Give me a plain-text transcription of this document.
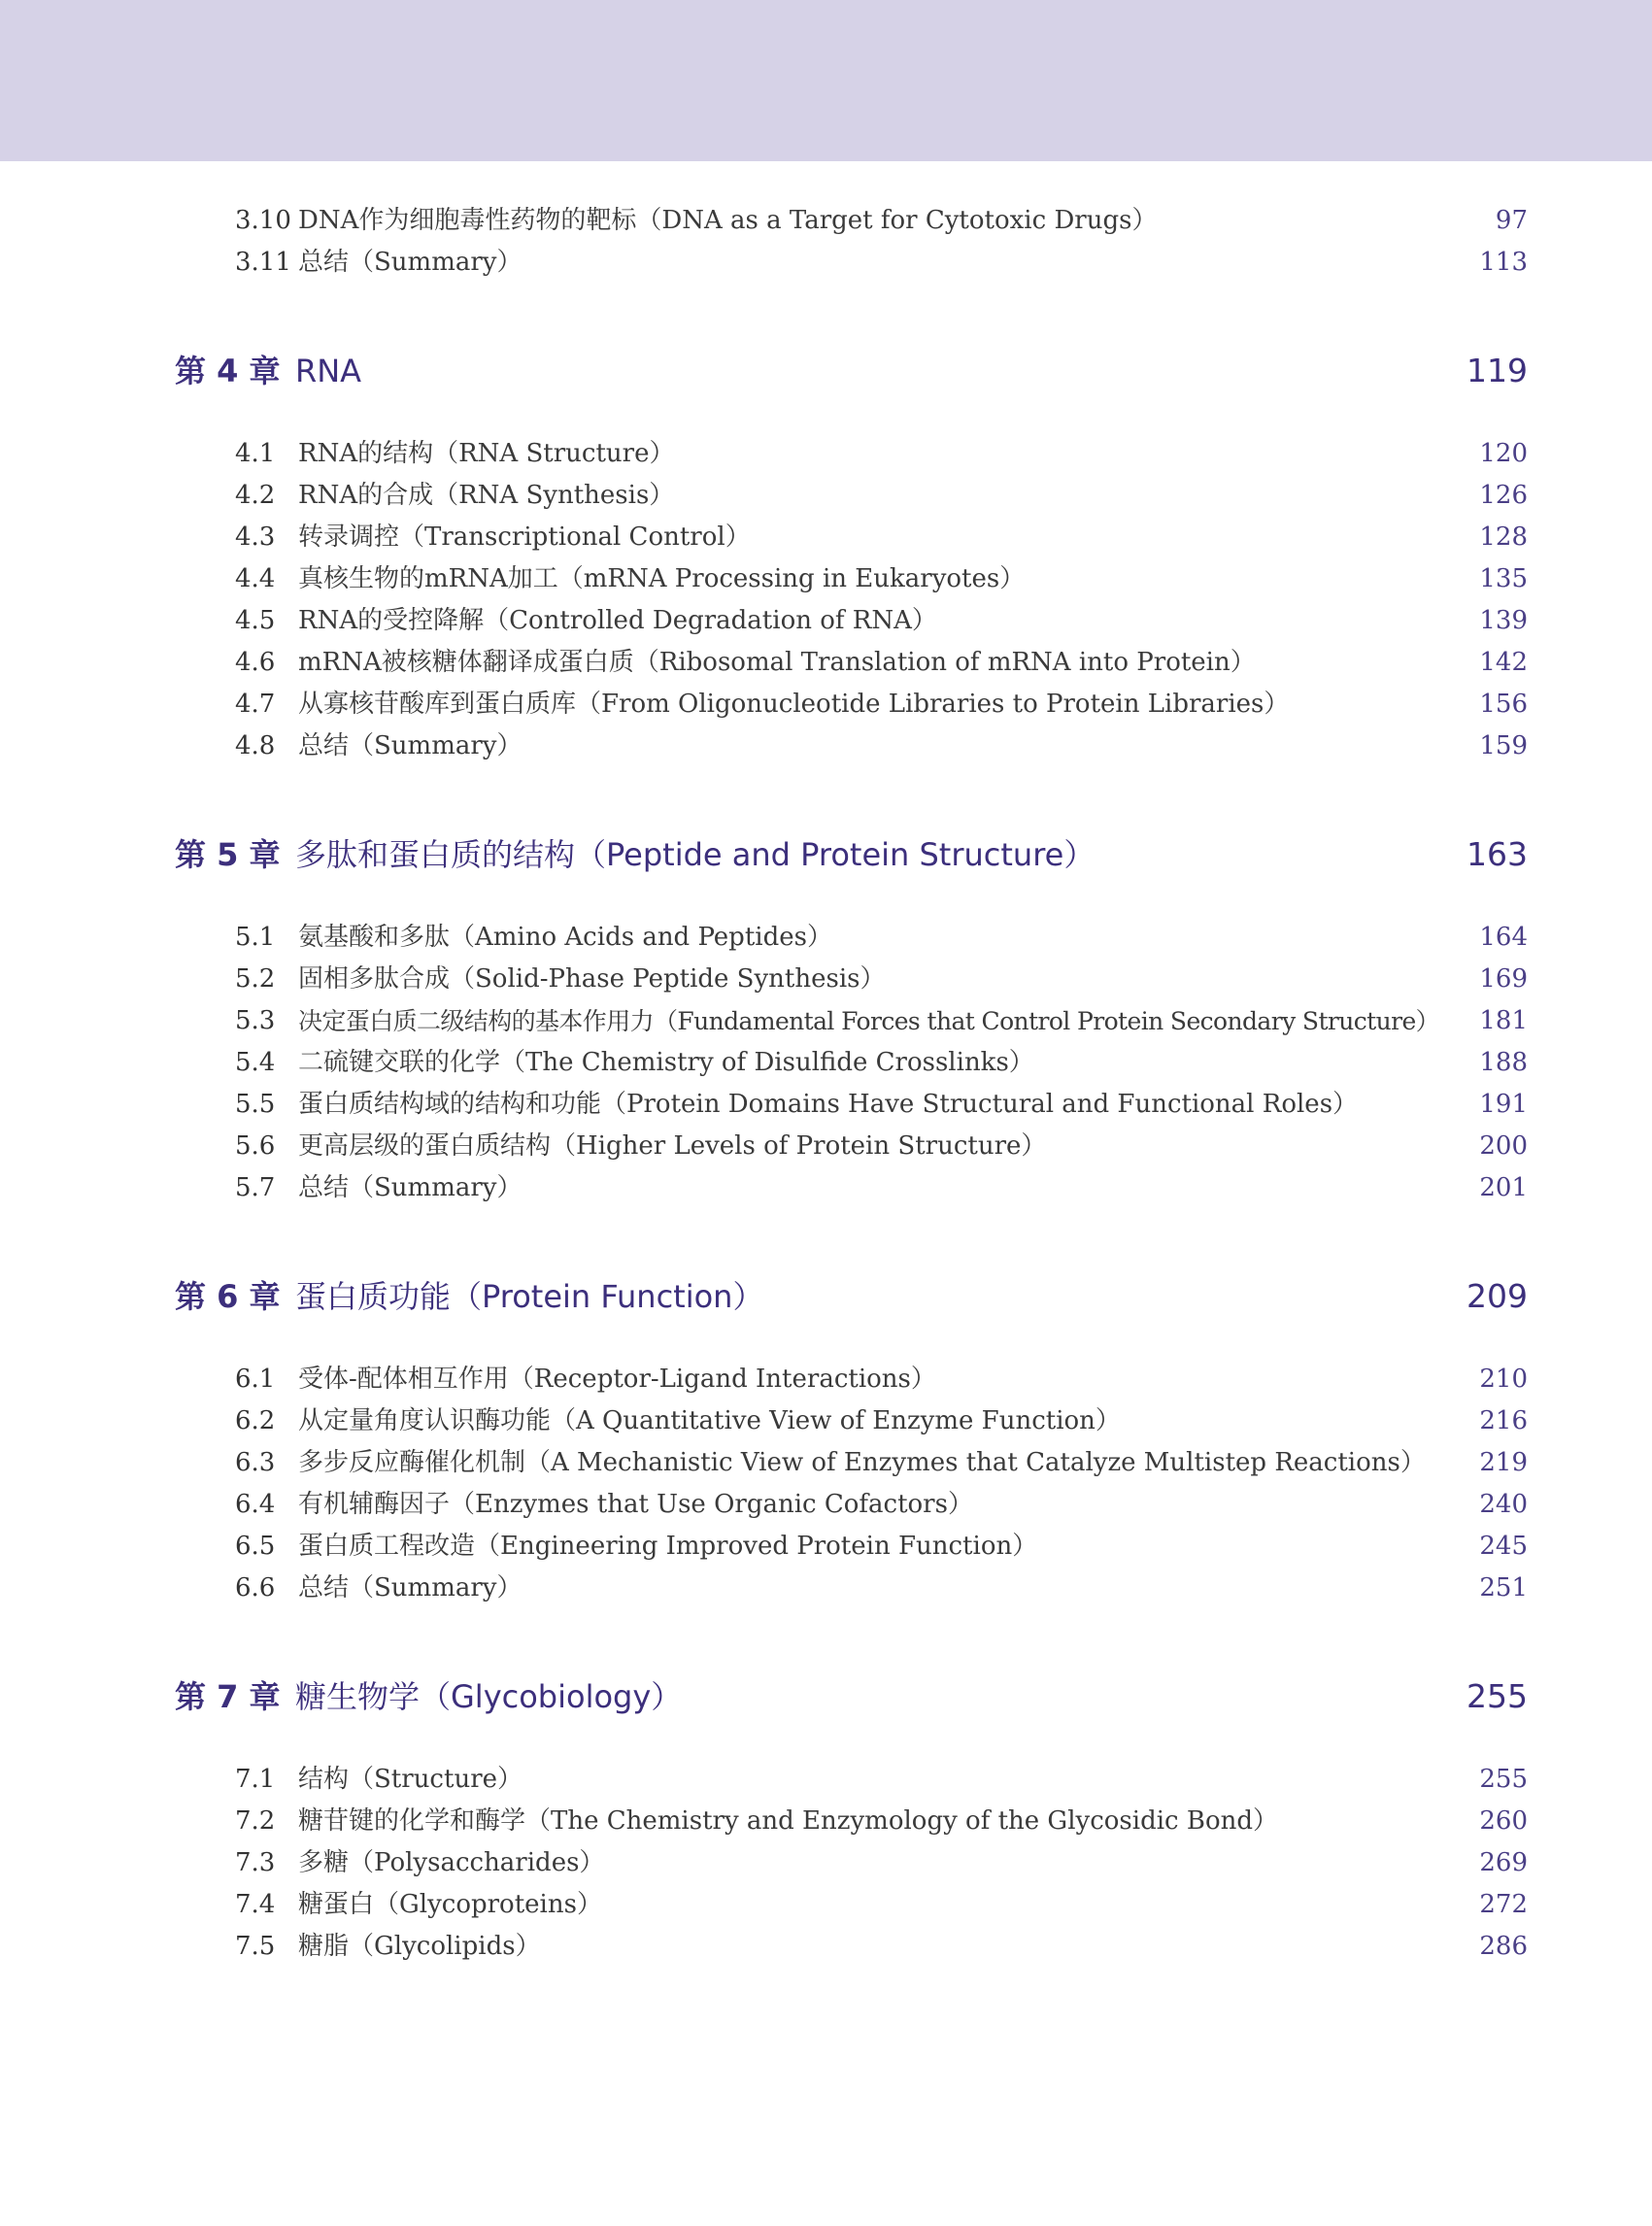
3.10 DNA作为细胞毒性药物的靶标（DNA as a Target for Cytotoxic Drugs）	97
3.11 总结（Summary）	113
第 4 章 RNA	119
4.1 RNA的结构（RNA Structure）	120
4.2 RNA的合成（RNA Synthesis）	126
4.3 转录调控（Transcriptional Control）	128
4.4 真核生物的mRNA加工（mRNA Processing in Eukaryotes）	135
4.5 RNA的受控降解（Controlled Degradation of RNA）	139
4.6 mRNA被核糖体翻译成蛋白质（Ribosomal Translation of mRNA into Protein）	142
4.7 从寡核苷酸库到蛋白质库（From Oligonucleotide Libraries to Protein Libraries）	156
4.8 总结（Summary）	159
第 5 章 多肽和蛋白质的结构（Peptide and Protein Structure）	163
5.1 氨基酸和多肽（Amino Acids and Peptides）	164
5.2 固相多肽合成（Solid-Phase Peptide Synthesis）	169
5.3 决定蛋白质二级结构的基本作用力（Fundamental Forces that Control Protein Secondary Structure） 181
5.4 二硫键交联的化学（The Chemistry of Disulfide Crosslinks）	188
5.5 蛋白质结构域的结构和功能（Protein Domains Have Structural and Functional Roles）	191
5.6 更高层级的蛋白质结构（Higher Levels of Protein Structure）	200
5.7 总结（Summary）	201
第 6 章 蛋白质功能（Protein Function）	209
6.1 受体-配体相互作用（Receptor-Ligand Interactions）	210
6.2 从定量角度认识酶功能（A Quantitative View of Enzyme Function）	216
6.3 多步反应酶催化机制（A Mechanistic View of Enzymes that Catalyze Multistep Reactions） 219
6.4 有机辅酶因子（Enzymes that Use Organic Cofactors）	240
6.5 蛋白质工程改造（Engineering Improved Protein Function）	245
6.6 总结（Summary）	251
第 7 章 糖生物学（Glycobiology）	255
7.1 结构（Structure）	255
7.2 糖苷键的化学和酶学（The Chemistry and Enzymology of the Glycosidic Bond）	260
7.3 多糖（Polysaccharides）	269
7.4 糖蛋白（Glycoproteins）	272
7.5 糖脂（Glycolipids）	286
